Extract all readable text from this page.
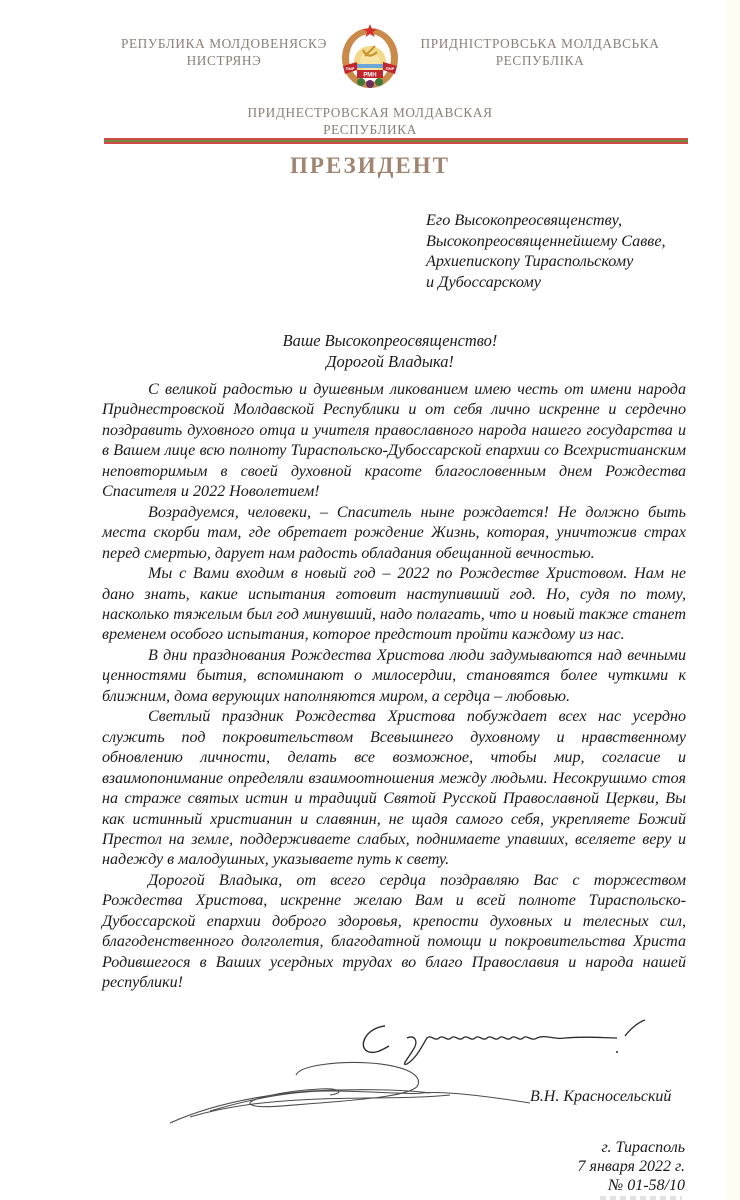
РЕПУБЛИКА МОЛДОВЕНЯСКЭ
НИСТРЯНЭ
ПМР	ПМР
РМН
ПРИДНІСТРОВСЬКА МОЛДАВСЬКА
РЕСПУБЛІКА
ПРИДНЕСТРОВСКАЯ МОЛДАВСКАЯ
РЕСПУБЛИКА
ПРЕЗИДЕНТ
Его Высокопреосвященству,
Высокопреосвященнейшему Савве,
Архиепископу Тираспольскому
и Дубоссарскому
Ваше Высокопреосвященство!
Дорогой Владыка!

С великой радостью и душевным ликованием имею честь от имени народа Приднестровской Молдавской Республики и от себя лично искренне и сердечно поздравить духовного отца и учителя православного народа нашего государства и в Вашем лице всю полноту Тираспольско-Дубоссарской епархии со Всехристианским неповторимым в своей духовной красоте благословенным днем Рождества Спасителя и 2022 Новолетием!

Возрадуемся, человеки, – Спаситель ныне рождается! Не должно быть места скорби там, где обретает рождение Жизнь, которая, уничтожив страх перед смертью, дарует нам радость обладания обещанной вечностью.

Мы с Вами входим в новый год – 2022 по Рождестве Христовом. Нам не дано знать, какие испытания готовит наступивший год. Но, судя по тому, насколько тяжелым был год минувший, надо полагать, что и новый также станет временем особого испытания, которое предстоит пройти каждому из нас.

В дни празднования Рождества Христова люди задумываются над вечными ценностями бытия, вспоминают о милосердии, становятся более чуткими к ближним, дома верующих наполняются миром, а сердца – любовью.

Светлый праздник Рождества Христова побуждает всех нас усердно служить под покровительством Всевышнего духовному и нравственному обновлению личности, делать все возможное, чтобы мир, согласие и взаимопонимание определяли взаимоотношения между людьми. Несокрушимо стоя на страже святых истин и традиций Святой Русской Православной Церкви, Вы как истинный христианин и славянин, не щадя самого себя, укрепляете Божий Престол на земле, поддерживаете слабых, поднимаете упавших, вселяете веру и надежду в малодушных, указываете путь к свету.

Дорогой Владыка, от всего сердца поздравляю Вас с торжеством Рождества Христова, искренне желаю Вам и всей полноте Тираспольско-Дубоссарской епархии доброго здоровья, крепости духовных и телесных сил, благоденственного долголетия, благодатной помощи и покровительства Христа Родившегося в Ваших усердных трудах во благо Православия и народа нашей республики!

В.Н. Красносельский
г. Тирасполь
7 января 2022 г.
№ 01-58/10
